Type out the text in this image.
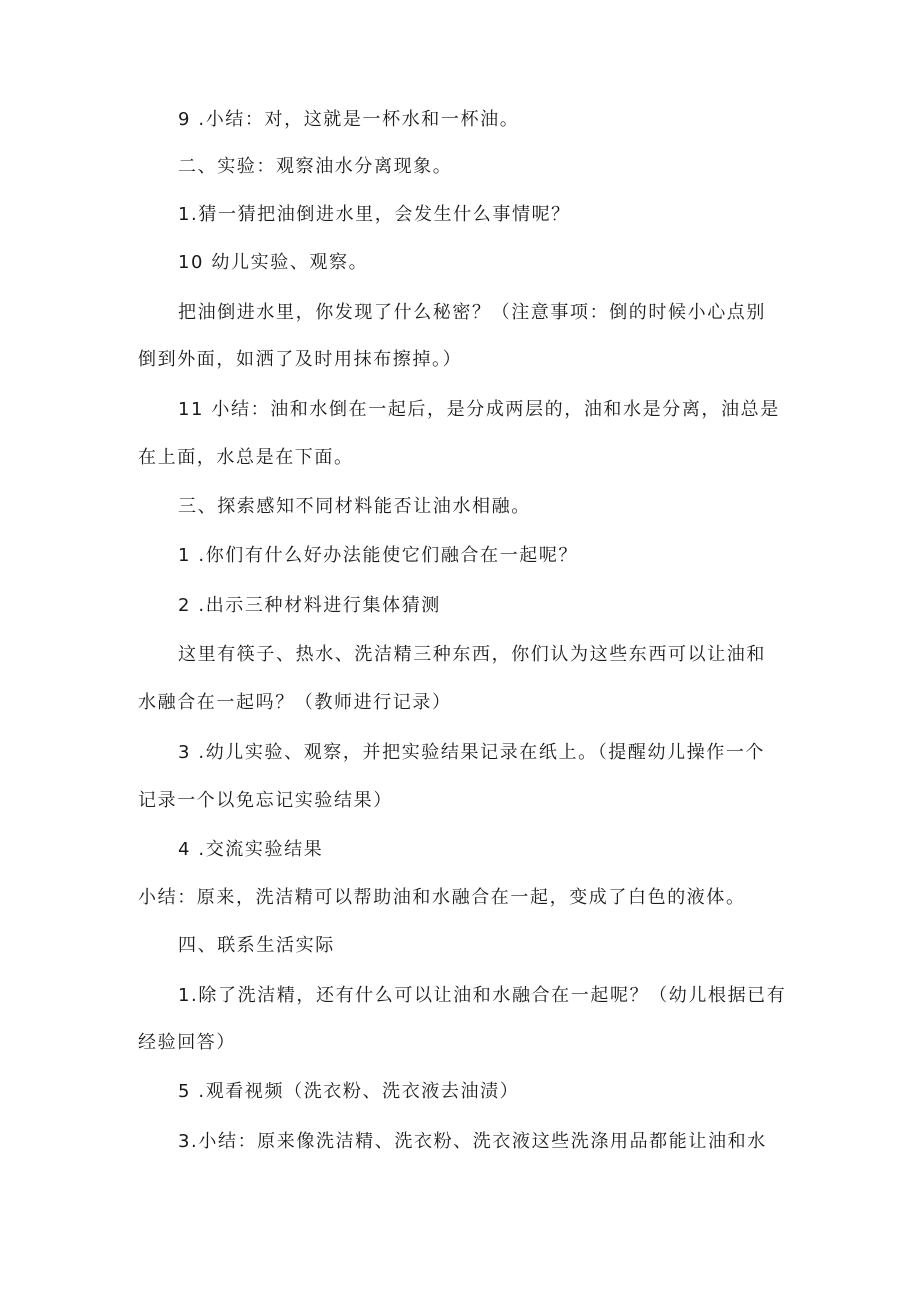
9 .小结：对，这就是一杯水和一杯油。
二、实验：观察油水分离现象。
1.猜一猜把油倒进水里，会发生什么事情呢？
10 幼儿实验、观察。
把油倒进水里，你发现了什么秘密？（注意事项：倒的时候小心点别
倒到外面，如洒了及时用抹布擦掉。）
11 小结：油和水倒在一起后，是分成两层的，油和水是分离，油总是
在上面，水总是在下面。
三、探索感知不同材料能否让油水相融。
1 .你们有什么好办法能使它们融合在一起呢？
2 .出示三种材料进行集体猜测
这里有筷子、热水、洗洁精三种东西，你们认为这些东西可以让油和
水融合在一起吗？（教师进行记录）
3 .幼儿实验、观察，并把实验结果记录在纸上。（提醒幼儿操作一个
记录一个以免忘记实验结果）
4 .交流实验结果
小结：原来，洗洁精可以帮助油和水融合在一起，变成了白色的液体。
四、联系生活实际
1.除了洗洁精，还有什么可以让油和水融合在一起呢？（幼儿根据已有
经验回答）
5 .观看视频（洗衣粉、洗衣液去油渍）
3.小结：原来像洗洁精、洗衣粉、洗衣液这些洗涤用品都能让油和水
